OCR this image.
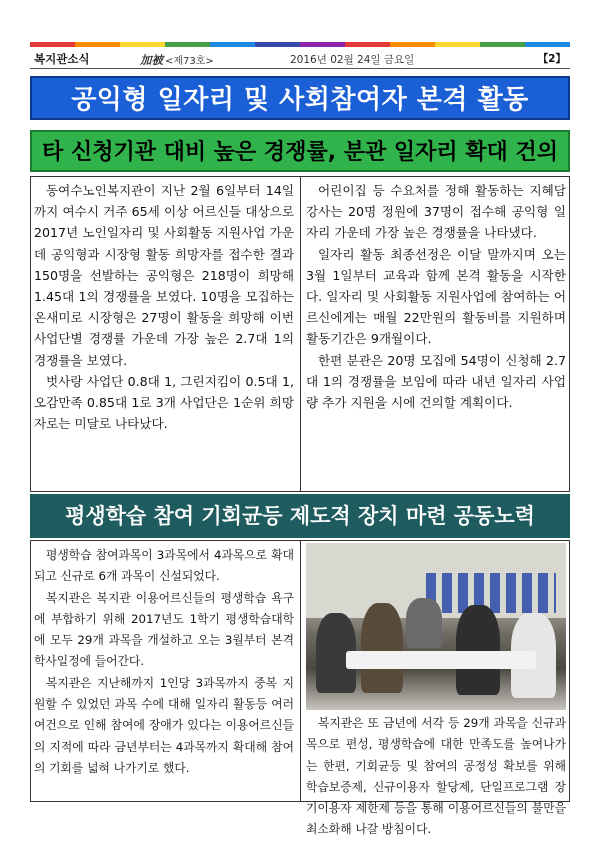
복지관소식	加被 <제73호>	2016년 02월 24일 금요일	【2】
공익형 일자리 및 사회참여자 본격 활동
타 신청기관 대비 높은 경쟁률, 분관 일자리 확대 건의

동여수노인복지관이 지난 2월 6일부터 14일까지 여수시 거주 65세 이상 어르신들 대상으로 2017년 노인일자리 및 사회활동 지원사업 가운데 공익형과 시장형 활동 희망자를 접수한 결과 150명을 선발하는 공익형은 218명이 희망해 1.45대 1의 경쟁률을 보였다. 10명을 모집하는 온새미로 시장형은 27명이 활동을 희망해 이번 사업단별 경쟁률 가운데 가장 높은 2.7대 1의 경쟁률을 보였다.

벗사랑 사업단 0.8대 1, 그린지킴이 0.5대 1, 오감만족 0.85대 1로 3개 사업단은 1순위 희망자로는 미달로 나타났다.

어린이집 등 수요처를 정해 활동하는 지혜담 강사는 20명 정원에 37명이 접수해 공익형 일자리 가운데 가장 높은 경쟁률을 나타냈다.

일자리 활동 최종선정은 이달 말까지며 오는 3월 1일부터 교육과 함께 본격 활동을 시작한다. 일자리 및 사회활동 지원사업에 참여하는 어르신에게는 매월 22만원의 활동비를 지원하며 활동기간은 9개월이다.

한편 분관은 20명 모집에 54명이 신청해 2.7대 1의 경쟁률을 보임에 따라 내년 일자리 사업량 추가 지원을 시에 건의할 계획이다.

평생학습 참여 기회균등 제도적 장치 마련 공동노력

평생학습 참여과목이 3과목에서 4과목으로 확대되고 신규로 6개 과목이 신설되었다.

복지관은 복지관 이용어르신들의 평생학습 욕구에 부합하기 위해 2017년도 1학기 평생학습대학에 모두 29개 과목을 개설하고 오는 3월부터 본격 학사일정에 들어간다.

복지관은 지난해까지 1인당 3과목까지 중복 지원할 수 있었던 과목 수에 대해 일자리 활동등 여러여건으로 인해 참여에 장애가 있다는 이용어르신들의 지적에 따라 금년부터는 4과목까지 확대해 참여의 기회를 넓혀 나가기로 했다.

복지관은 또 금년에 서각 등 29개 과목을 신규과목으로 편성, 평생학습에 대한 만족도를 높여나가는 한편, 기회균등 및 참여의 공정성 확보를 위해 학습보증제, 신규이용자 할당제, 단일프로그램 장기이용자 제한제 등을 통해 이용어르신들의 불만을 최소화해 나갈 방침이다.
